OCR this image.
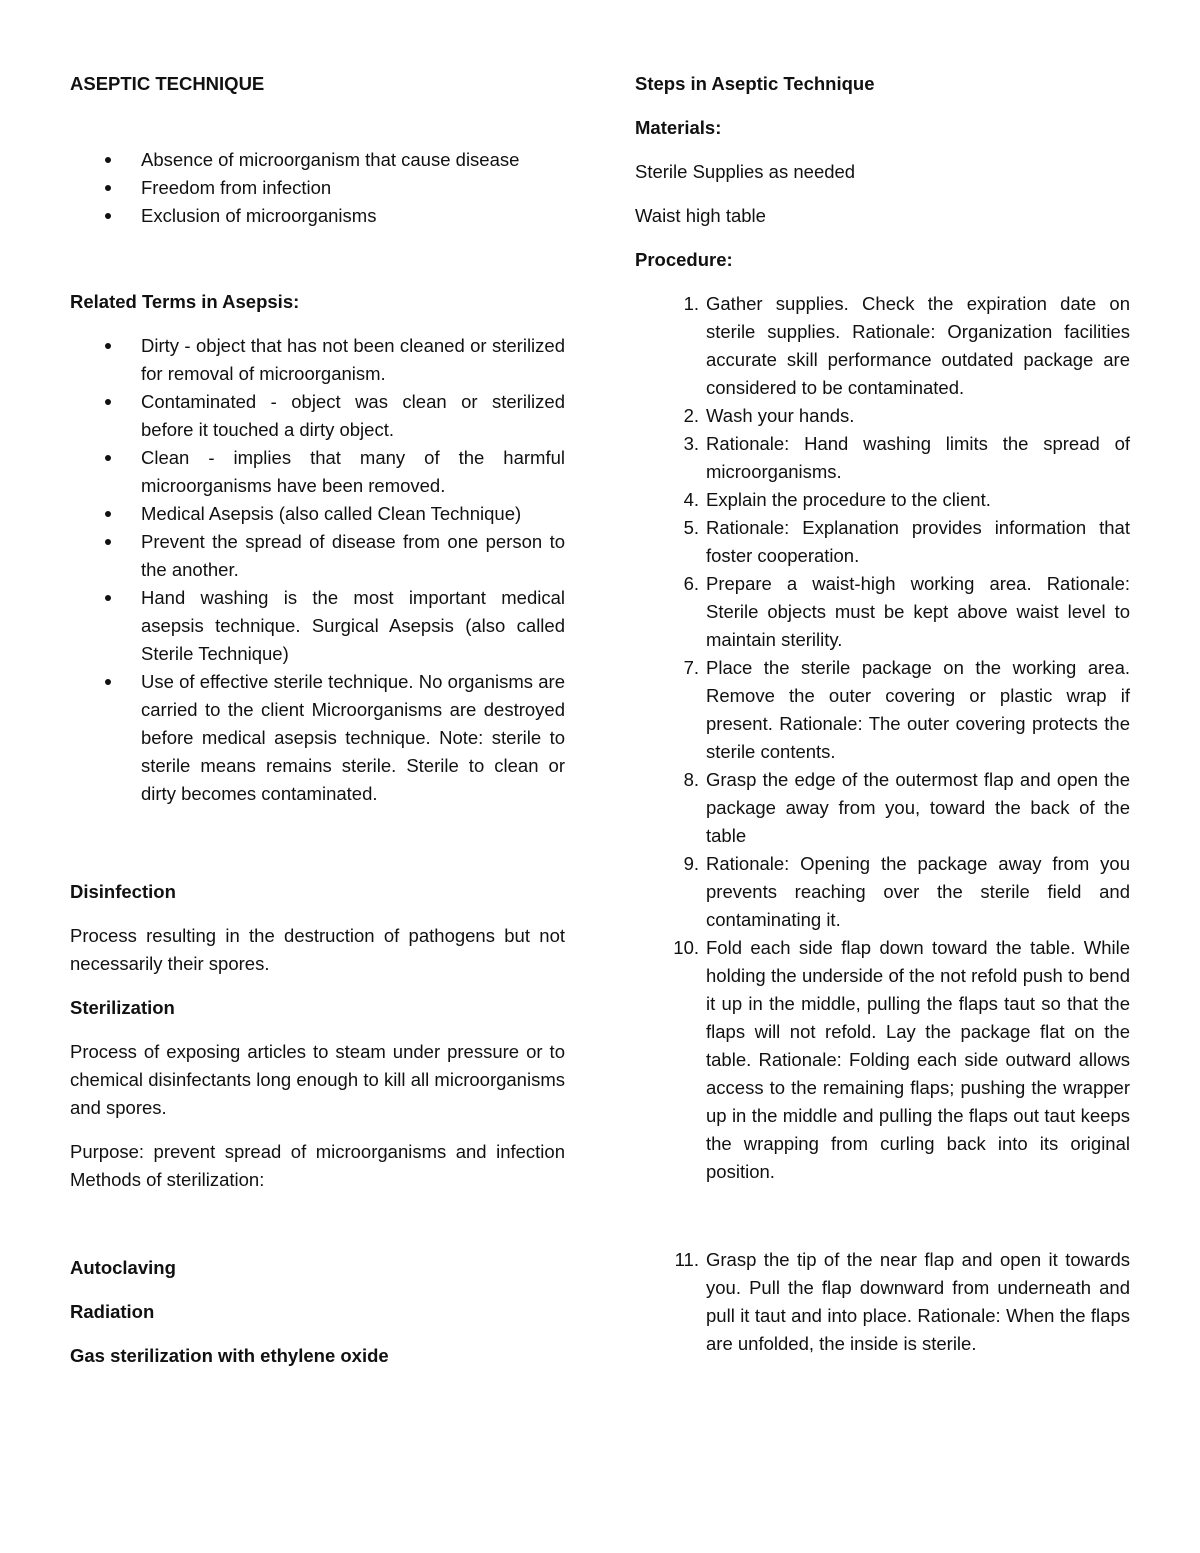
ASEPTIC TECHNIQUE
Absence of microorganism that cause disease
Freedom from infection
Exclusion of microorganisms
Related Terms in Asepsis:
Dirty - object that has not been cleaned or sterilized for removal of microorganism.
Contaminated - object was clean or sterilized before it touched a dirty object.
Clean - implies that many of the harmful microorganisms have been removed.
Medical Asepsis (also called Clean Technique)
Prevent the spread of disease from one person to the another.
Hand washing is the most important medical asepsis technique. Surgical Asepsis (also called Sterile Technique)
Use of effective sterile technique. No organisms are carried to the client Microorganisms are destroyed before medical asepsis technique. Note: sterile to sterile means remains sterile. Sterile to clean or dirty becomes contaminated.
Disinfection

Process resulting in the destruction of pathogens but not necessarily their spores.

Sterilization

Process of exposing articles to steam under pressure or to chemical disinfectants long enough to kill all microorganisms and spores.

Purpose: prevent spread of microorganisms and infection Methods of sterilization:

Autoclaving
Radiation
Gas sterilization with ethylene oxide
Steps in Aseptic Technique
Materials:

Sterile Supplies as needed

Waist high table

Procedure:
1. Gather supplies. Check the expiration date on sterile supplies. Rationale: Organization facilities accurate skill performance outdated package are considered to be contaminated.
2. Wash your hands.
3. Rationale: Hand washing limits the spread of microorganisms.
4. Explain the procedure to the client.
5. Rationale: Explanation provides information that foster cooperation.
6. Prepare a waist-high working area. Rationale: Sterile objects must be kept above waist level to maintain sterility.
7. Place the sterile package on the working area. Remove the outer covering or plastic wrap if present. Rationale: The outer covering protects the sterile contents.
8. Grasp the edge of the outermost flap and open the package away from you, toward the back of the table
9. Rationale: Opening the package away from you prevents reaching over the sterile field and contaminating it.
10. Fold each side flap down toward the table. While holding the underside of the not refold push to bend it up in the middle, pulling the flaps taut so that the flaps will not refold. Lay the package flat on the table. Rationale: Folding each side outward allows access to the remaining flaps; pushing the wrapper up in the middle and pulling the flaps out taut keeps the wrapping from curling back into its original position.
11. Grasp the tip of the near flap and open it towards you. Pull the flap downward from underneath and pull it taut and into place. Rationale: When the flaps are unfolded, the inside is sterile.
